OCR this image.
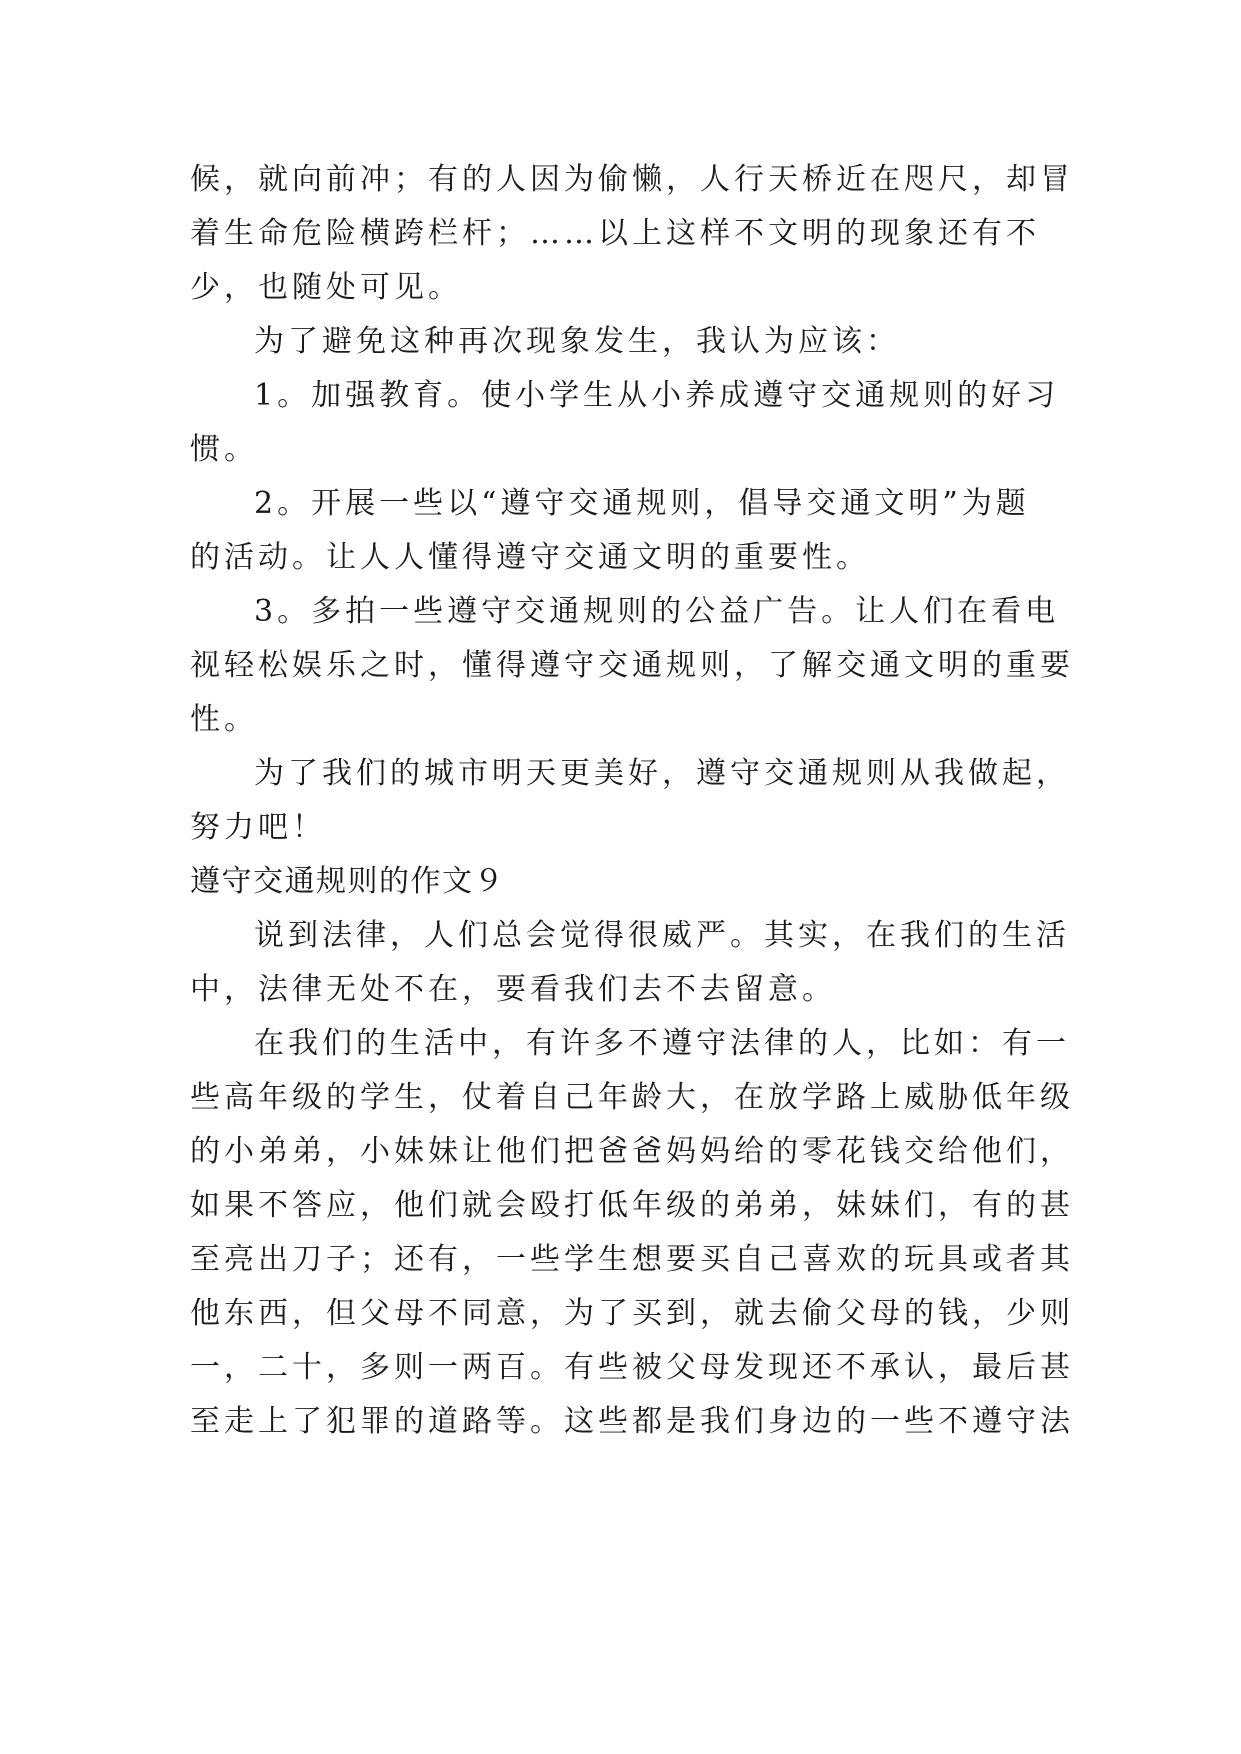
候，就向前冲；有的人因为偷懒，人行天桥近在咫尺，却冒
着生命危险横跨栏杆；……以上这样不文明的现象还有不
少，也随处可见。
为了避免这种再次现象发生，我认为应该：
1。加强教育。使小学生从小养成遵守交通规则的好习
惯。
2。开展一些以“遵守交通规则，倡导交通文明”为题
的活动。让人人懂得遵守交通文明的重要性。
3。多拍一些遵守交通规则的公益广告。让人们在看电
视轻松娱乐之时，懂得遵守交通规则，了解交通文明的重要
性。
为了我们的城市明天更美好，遵守交通规则从我做起，
努力吧！
遵守交通规则的作文９
说到法律，人们总会觉得很威严。其实，在我们的生活
中，法律无处不在，要看我们去不去留意。
在我们的生活中，有许多不遵守法律的人，比如：有一
些高年级的学生，仗着自己年龄大，在放学路上威胁低年级
的小弟弟，小妹妹让他们把爸爸妈妈给的零花钱交给他们，
如果不答应，他们就会殴打低年级的弟弟，妹妹们，有的甚
至亮出刀子；还有，一些学生想要买自己喜欢的玩具或者其
他东西，但父母不同意，为了买到，就去偷父母的钱，少则
一，二十，多则一两百。有些被父母发现还不承认，最后甚
至走上了犯罪的道路等。这些都是我们身边的一些不遵守法
